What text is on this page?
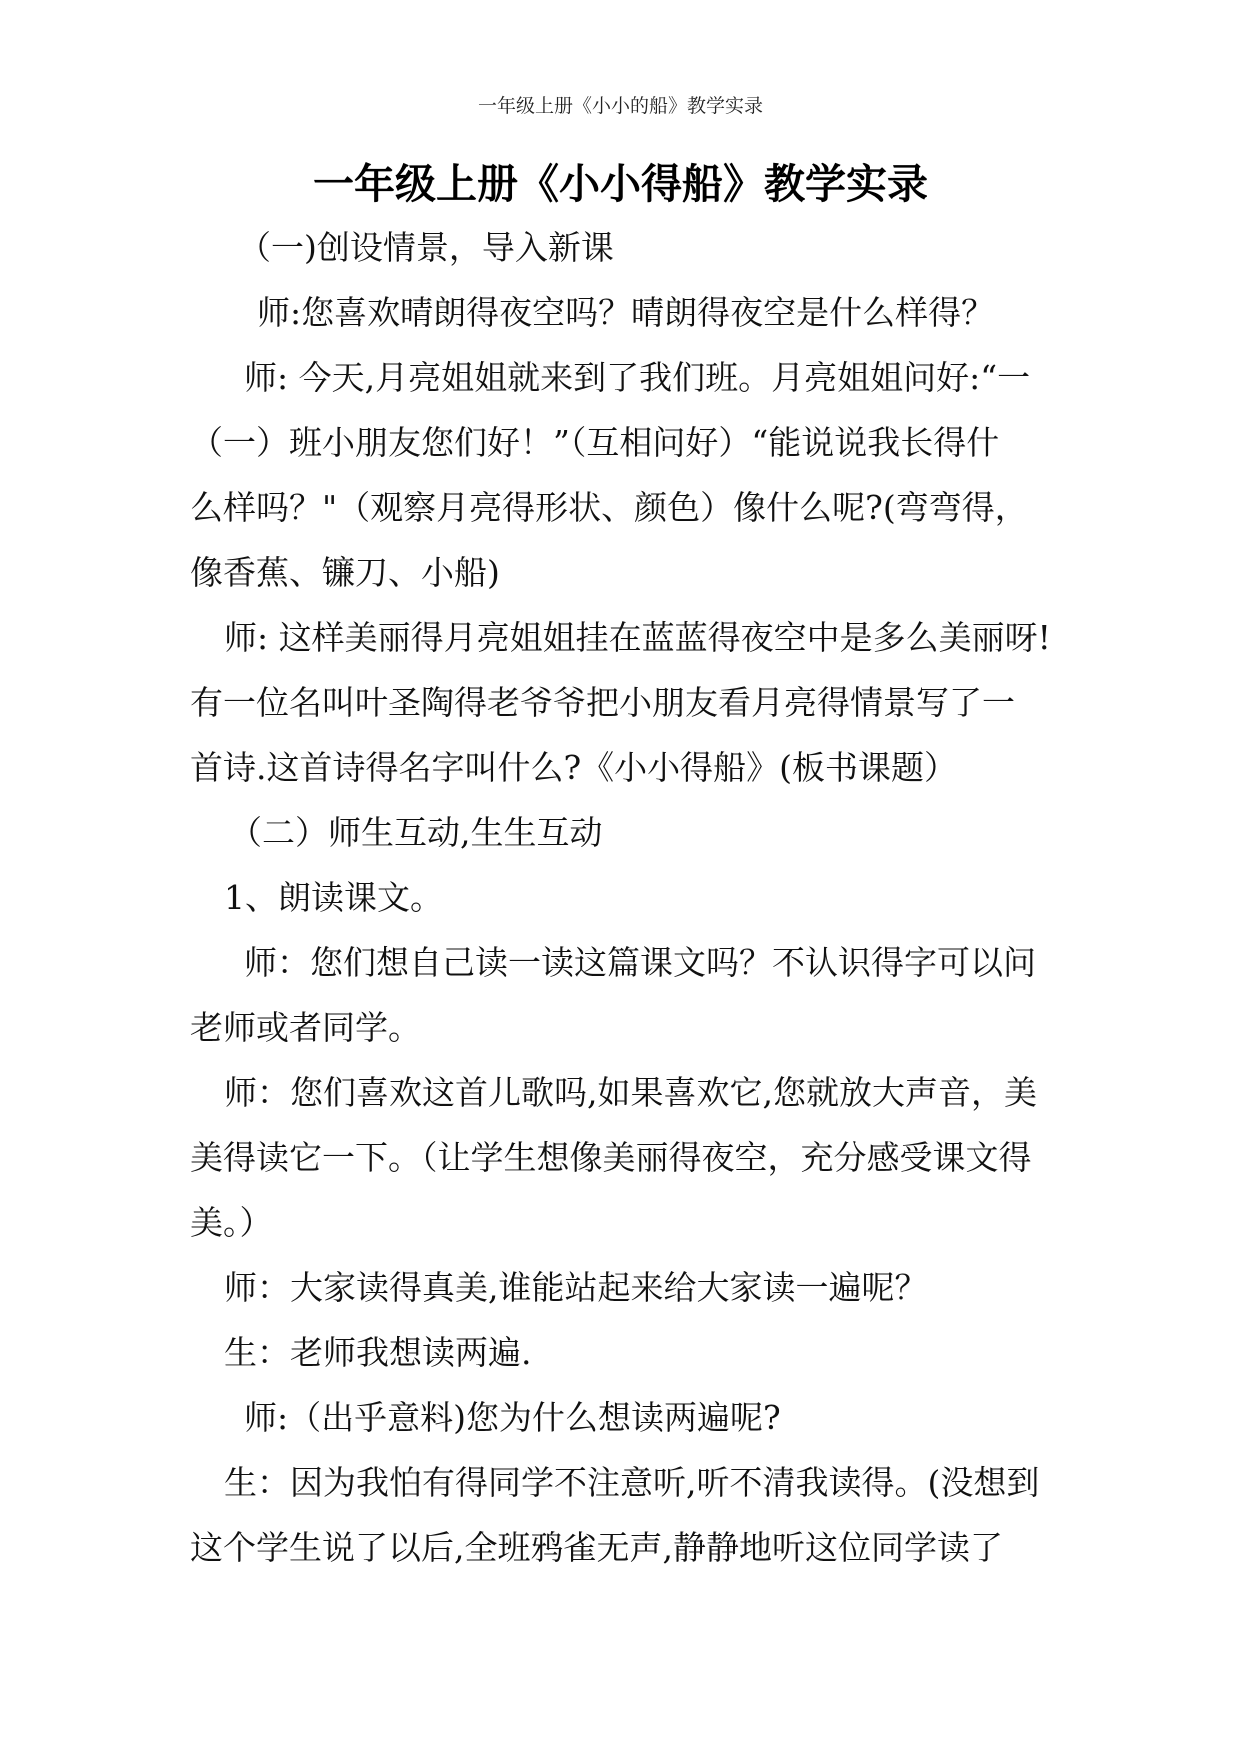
一年级上册《小小的船》教学实录
一年级上册《小小得船》教学实录
（一)创设情景，导入新课
师:您喜欢晴朗得夜空吗？晴朗得夜空是什么样得？
师: 今天,月亮姐姐就来到了我们班。月亮姐姐问好:“一
（一）班小朋友您们好！”（互相问好）“能说说我长得什
么样吗？"（观察月亮得形状、颜色）像什么呢?(弯弯得，
像香蕉、镰刀、小船)
师: 这样美丽得月亮姐姐挂在蓝蓝得夜空中是多么美丽呀!
有一位名叫叶圣陶得老爷爷把小朋友看月亮得情景写了一
首诗.这首诗得名字叫什么?《小小得船》(板书课题）
（二）师生互动,生生互动
1、朗读课文。
师：您们想自己读一读这篇课文吗？不认识得字可以问
老师或者同学。
师：您们喜欢这首儿歌吗,如果喜欢它,您就放大声音，美
美得读它一下。（让学生想像美丽得夜空，充分感受课文得
美。）
师：大家读得真美,谁能站起来给大家读一遍呢？
生：老师我想读两遍.
师:（出乎意料)您为什么想读两遍呢?
生：因为我怕有得同学不注意听,听不清我读得。(没想到
这个学生说了以后,全班鸦雀无声,静静地听这位同学读了
